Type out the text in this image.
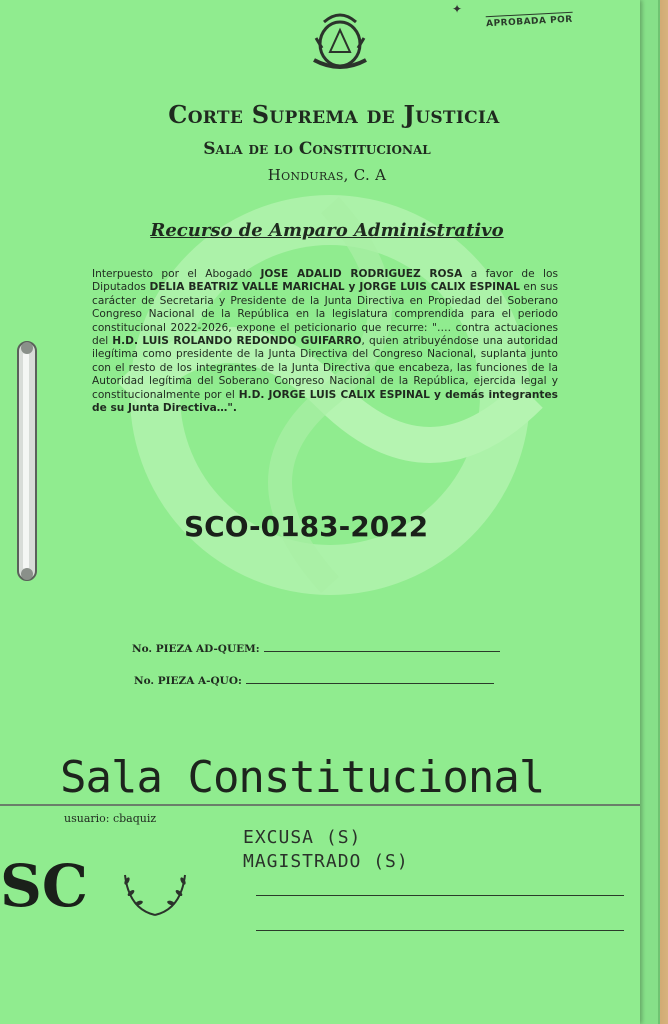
✦
APROBADA POR
Corte Suprema de Justicia
Sala de lo Constitucional
Honduras, C. A
Recurso de Amparo Administrativo
Interpuesto por el Abogado JOSE ADALID RODRIGUEZ ROSA a favor de los Diputados DELIA BEATRIZ VALLE MARICHAL y JORGE LUIS CALIX ESPINAL en sus carácter de Secretaria y Presidente de la Junta Directiva en Propiedad del Soberano Congreso Nacional de la República en la legislatura comprendida para el periodo constitucional 2022-2026, expone el peticionario que recurre: "…. contra actuaciones del H.D. LUIS ROLANDO REDONDO GUIFARRO, quien atribuyéndose una autoridad ilegítima como presidente de la Junta Directiva del Congreso Nacional, suplanta junto con el resto de los integrantes de la Junta Directiva que encabeza, las funciones de la Autoridad legítima del Soberano Congreso Nacional de la República, ejercida legal y constitucionalmente por el H.D. JORGE LUIS CALIX ESPINAL y demás integrantes de su Junta Directiva…".
SCO-0183-2022
No. PIEZA AD-QUEM:
No. PIEZA A-QUO:
Sala Constitucional
usuario: cbaquiz
SC
EXCUSA (S)
MAGISTRADO (S)
